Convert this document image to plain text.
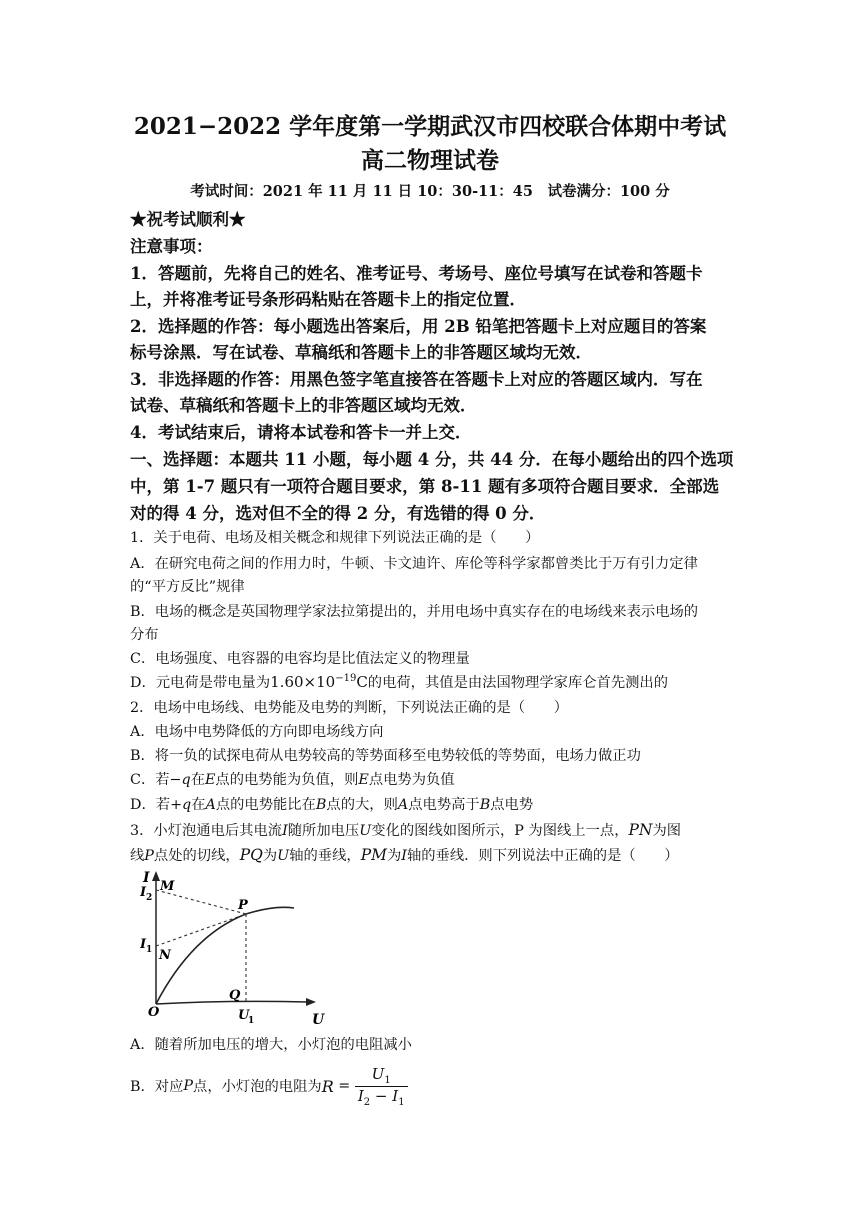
2021−2022 学年度第一学期武汉市四校联合体期中考试
高二物理试卷
考试时间：2021 年 11 月 11 日 10：30-11：45　试卷满分：100 分
★祝考试顺利★
注意事项：
1．答题前，先将自己的姓名、准考证号、考场号、座位号填写在试卷和答题卡
上，并将准考证号条形码粘贴在答题卡上的指定位置．
2．选择题的作答：每小题选出答案后，用 2B 铅笔把答题卡上对应题目的答案
标号涂黑．写在试卷、草稿纸和答题卡上的非答题区域均无效．
3．非选择题的作答：用黑色签字笔直接答在答题卡上对应的答题区域内．写在
试卷、草稿纸和答题卡上的非答题区域均无效．
4．考试结束后，请将本试卷和答卡一并上交．
一、选择题：本题共 11 小题，每小题 4 分，共 44 分．在每小题给出的四个选项
中，第 1-7 题只有一项符合题目要求，第 8-11 题有多项符合题目要求．全部选
对的得 4 分，选对但不全的得 2 分，有选错的得 0 分．
1．关于电荷、电场及相关概念和规律下列说法正确的是（　　）
A．在研究电荷之间的作用力时，牛顿、卡文迪许、库伦等科学家都曾类比于万有引力定律
的“平方反比”规律
B．电场的概念是英国物理学家法拉第提出的，并用电场中真实存在的电场线来表示电场的
分布
C．电场强度、电容器的电容均是比值法定义的物理量
D．元电荷是带电量为$1.60\times 10^{-19}C$的电荷，其值是由法国物理学家库仑首先测出的
2．电场中电场线、电势能及电势的判断，下列说法正确的是（　　）
A．电场中电势降低的方向即电场线方向
B．将一负的试探电荷从电势较高的等势面移至电势较低的等势面，电场力做正功
C．若−q在E点的电势能为负值，则E点电势为负值
D．若+q在A点的电势能比在B点的大，则A点电势高于B点电势
3．小灯泡通电后其电流I随所加电压U变化的图线如图所示，P 为图线上一点，PN为图
线P点处的切线，PQ为U轴的垂线，PM为I轴的垂线．则下列说法中正确的是（　　）
I
U
I 2
I 1
M
N
P
Q
O	U
1
A．随着所加电压的增大，小灯泡的电阻减小
B．对应 P 点，小灯泡的电阻为 $R = \frac{U_1}{I_2 - I_1}$
